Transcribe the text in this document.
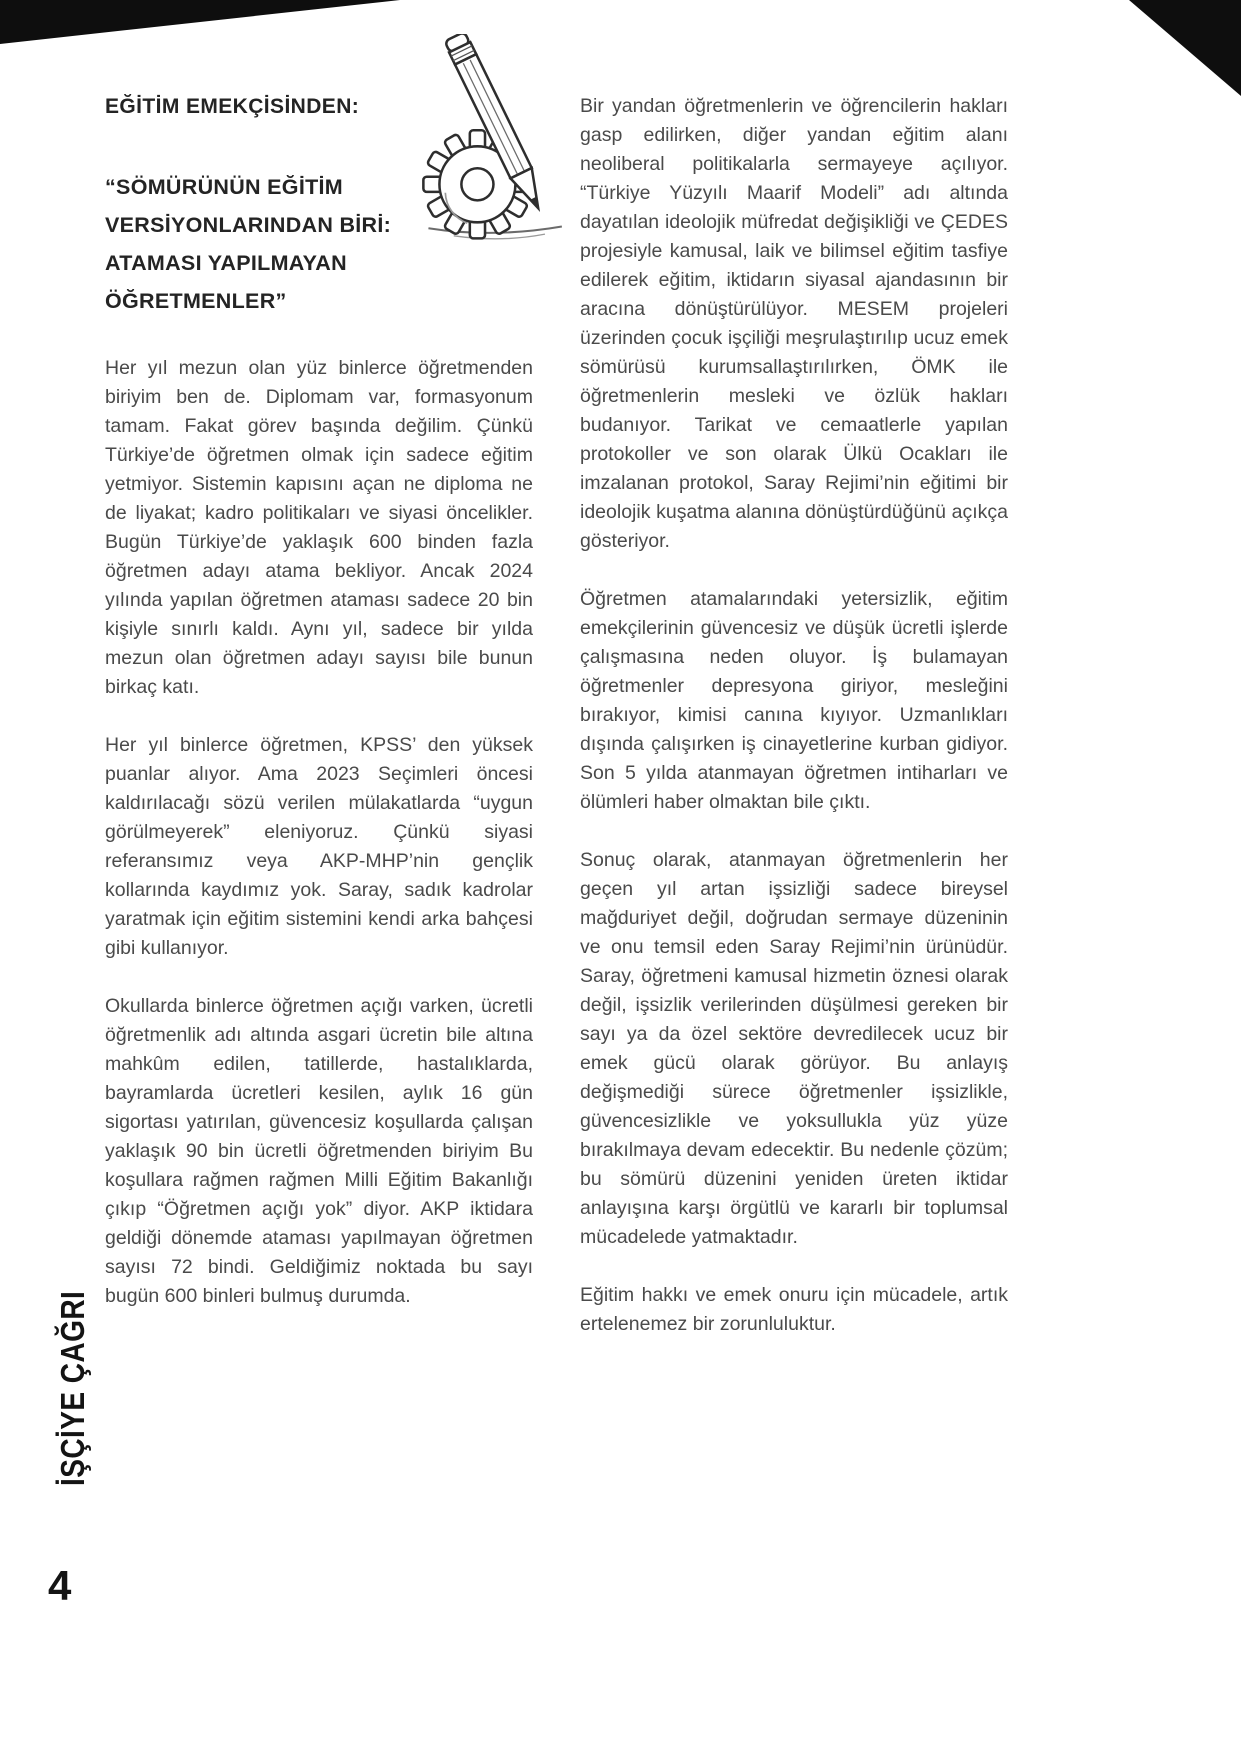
EĞİTİM EMEKÇİSİNDEN:
“SÖMÜRÜNÜN EĞİTİM VERSİYONLARINDAN BİRİ: ATAMASI YAPILMAYAN ÖĞRETMENLER”

Her yıl mezun olan yüz binlerce öğretmenden biriyim ben de. Diplomam var, formasyonum tamam. Fakat görev başında değilim. Çünkü Türkiye’de öğretmen olmak için sadece eğitim yetmiyor. Sistemin kapısını açan ne diploma ne de liyakat; kadro politikaları ve siyasi öncelikler. Bugün Türkiye’de yaklaşık 600 binden fazla öğretmen adayı atama bekliyor. Ancak 2024 yılında yapılan öğretmen ataması sadece 20 bin kişiyle sınırlı kaldı. Aynı yıl, sadece bir yılda mezun olan öğretmen adayı sayısı bile bunun birkaç katı.

Her yıl binlerce öğretmen, KPSS’ den yüksek puanlar alıyor. Ama 2023 Seçimleri öncesi kaldırılacağı sözü verilen mülakatlarda “uygun görülmeyerek” eleniyoruz. Çünkü siyasi referansımız veya AKP-MHP’nin gençlik kollarında kaydımız yok. Saray, sadık kadrolar yaratmak için eğitim sistemini kendi arka bahçesi gibi kullanıyor.

Okullarda binlerce öğretmen açığı varken, ücretli öğretmenlik adı altında asgari ücretin bile altına mahkûm edilen, tatillerde, hastalıklarda, bayramlarda ücretleri kesilen, aylık 16 gün sigortası yatırılan, güvencesiz koşullarda çalışan yaklaşık 90 bin ücretli öğretmenden biriyim Bu koşullara rağmen rağmen Milli Eğitim Bakanlığı çıkıp “Öğretmen açığı yok” diyor. AKP iktidara geldiği dönemde ataması yapılmayan öğretmen sayısı 72 bindi. Geldiğimiz noktada bu sayı bugün 600 binleri bulmuş durumda.

Bir yandan öğretmenlerin ve öğrencilerin hakları gasp edilirken, diğer yandan eğitim alanı neoliberal politikalarla sermayeye açılıyor. “Türkiye Yüzyılı Maarif Modeli” adı altında dayatılan ideolojik müfredat değişikliği ve ÇEDES projesiyle kamusal, laik ve bilimsel eğitim tasfiye edilerek eğitim, iktidarın siyasal ajandasının bir aracına dönüştürülüyor. MESEM projeleri üzerinden çocuk işçiliği meşrulaştırılıp ucuz emek sömürüsü kurumsallaştırılırken, ÖMK ile öğretmenlerin mesleki ve özlük hakları budanıyor. Tarikat ve cemaatlerle yapılan protokoller ve son olarak Ülkü Ocakları ile imzalanan protokol, Saray Rejimi’nin eğitimi bir ideolojik kuşatma alanına dönüştürdüğünü açıkça gösteriyor.

Öğretmen atamalarındaki yetersizlik, eğitim emekçilerinin güvencesiz ve düşük ücretli işlerde çalışmasına neden oluyor. İş bulamayan öğretmenler depresyona giriyor, mesleğini bırakıyor, kimisi canına kıyıyor. Uzmanlıkları dışında çalışırken iş cinayetlerine kurban gidiyor. Son 5 yılda atanmayan öğretmen intiharları ve ölümleri haber olmaktan bile çıktı.

Sonuç olarak, atanmayan öğretmenlerin her geçen yıl artan işsizliği sadece bireysel mağduriyet değil, doğrudan sermaye düzeninin ve onu temsil eden Saray Rejimi’nin ürünüdür. Saray, öğretmeni kamusal hizmetin öznesi olarak değil, işsizlik verilerinden düşülmesi gereken bir sayı ya da özel sektöre devredilecek ucuz bir emek gücü olarak görüyor. Bu anlayış değişmediği sürece öğretmenler işsizlikle, güvencesizlikle ve yoksullukla yüz yüze bırakılmaya devam edecektir. Bu nedenle çözüm; bu sömürü düzenini yeniden üreten iktidar anlayışına karşı örgütlü ve kararlı bir toplumsal mücadelede yatmaktadır.

Eğitim hakkı ve emek onuru için mücadele, artık ertelenemez bir zorunluluktur.

İŞÇİYE ÇAĞRI
4
